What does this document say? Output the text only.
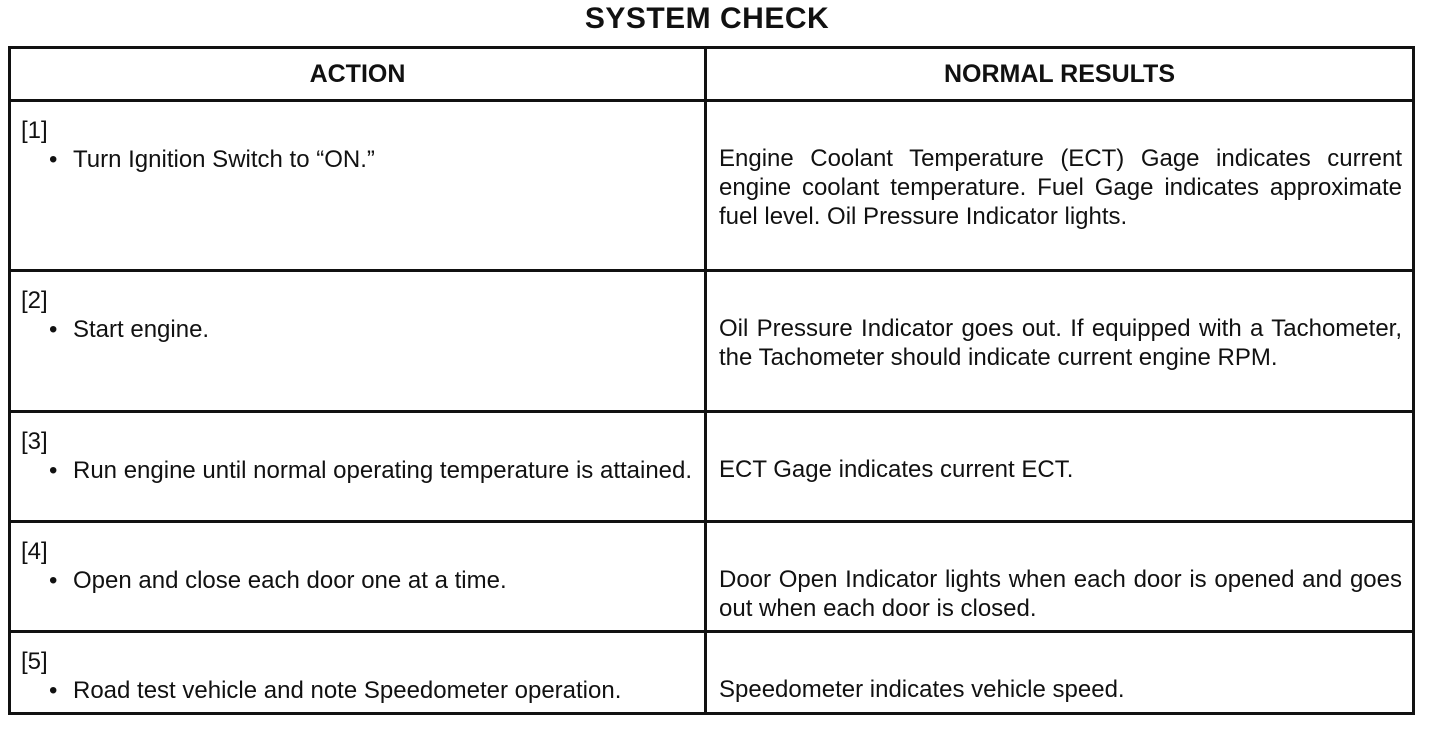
SYSTEM CHECK
ACTION	NORMAL RESULTS

[1]
• Turn Ignition Switch to “ON.”	Engine Coolant Temperature (ECT) Gage indicates current engine coolant temperature. Fuel Gage indicates approximate fuel level. Oil Pressure Indicator lights.

[2]
• Start engine.	Oil Pressure Indicator goes out. If equipped with a Tachometer, the Tachometer should indicate current engine RPM.

[3]
• Run engine until normal operating temperature is attained.	ECT Gage indicates current ECT.

[4]
• Open and close each door one at a time.	Door Open Indicator lights when each door is opened and goes out when each door is closed.

[5]
• Road test vehicle and note Speedometer operation.	Speedometer indicates vehicle speed.
